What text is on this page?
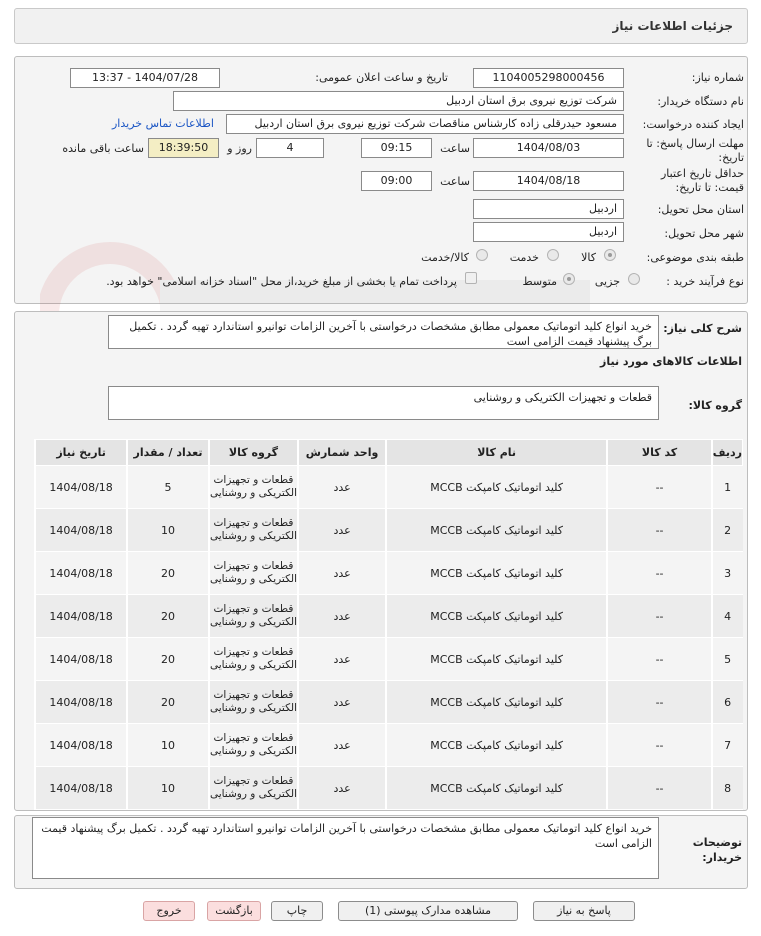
جزئیات اطلاعات نیاز
شماره نیاز:
1104005298000456
تاریخ و ساعت اعلان عمومی:
1404/07/28 - 13:37
نام دستگاه خریدار:
شرکت توزیع نیروی برق استان اردبیل
ایجاد کننده درخواست:
مسعود حیدرقلی زاده کارشناس مناقصات شرکت توزیع نیروی برق استان اردبیل
اطلاعات تماس خریدار
مهلت ارسال پاسخ: تا
تاریخ:
1404/08/03
ساعت
09:15
4
روز و
18:39:50
ساعت باقی مانده
حداقل تاریخ اعتبار
قیمت: تا تاریخ:
1404/08/18
ساعت
09:00
استان محل تحویل:
اردبیل
شهر محل تحویل:
اردبیل
طبقه بندی موضوعی:
کالا
خدمت
کالا/خدمت
نوع فرآیند خرید :
جزیی
متوسط
پرداخت تمام یا بخشی از مبلغ خرید،از محل "اسناد خزانه اسلامی" خواهد بود.
شرح کلی نیاز:
خرید انواع کلید اتوماتیک معمولی مطابق مشخصات درخواستی با آخرین الزامات توانیرو استاندارد تهیه گردد . تکمیل برگ پیشنهاد قیمت الزامی است
اطلاعات کالاهای مورد نیاز
گروه کالا:
قطعات و تجهیزات الکتریکی و روشنایی
ردیف	کد کالا	نام کالا	واحد شمارش	گروه کالا	تعداد / مقدار	تاریخ نیاز
1	--	کلید اتوماتیک کامپکت MCCB	عدد	قطعات و تجهیزات الکتریکی و روشنایی	5	1404/08/18
2	--	کلید اتوماتیک کامپکت MCCB	عدد	قطعات و تجهیزات الکتریکی و روشنایی	10	1404/08/18
3	--	کلید اتوماتیک کامپکت MCCB	عدد	قطعات و تجهیزات الکتریکی و روشنایی	20	1404/08/18
4	--	کلید اتوماتیک کامپکت MCCB	عدد	قطعات و تجهیزات الکتریکی و روشنایی	20	1404/08/18
5	--	کلید اتوماتیک کامپکت MCCB	عدد	قطعات و تجهیزات الکتریکی و روشنایی	20	1404/08/18
6	--	کلید اتوماتیک کامپکت MCCB	عدد	قطعات و تجهیزات الکتریکی و روشنایی	20	1404/08/18
7	--	کلید اتوماتیک کامپکت MCCB	عدد	قطعات و تجهیزات الکتریکی و روشنایی	10	1404/08/18
8	--	کلید اتوماتیک کامپکت MCCB	عدد	قطعات و تجهیزات الکتریکی و روشنایی	10	1404/08/18
توضیحات
خریدار:
خرید انواع کلید اتوماتیک معمولی مطابق مشخصات درخواستی با آخرین الزامات توانیرو استاندارد تهیه گردد . تکمیل برگ پیشنهاد قیمت الزامی است
پاسخ به نیاز
مشاهده مدارک پیوستی (1)
چاپ
بازگشت
خروج
